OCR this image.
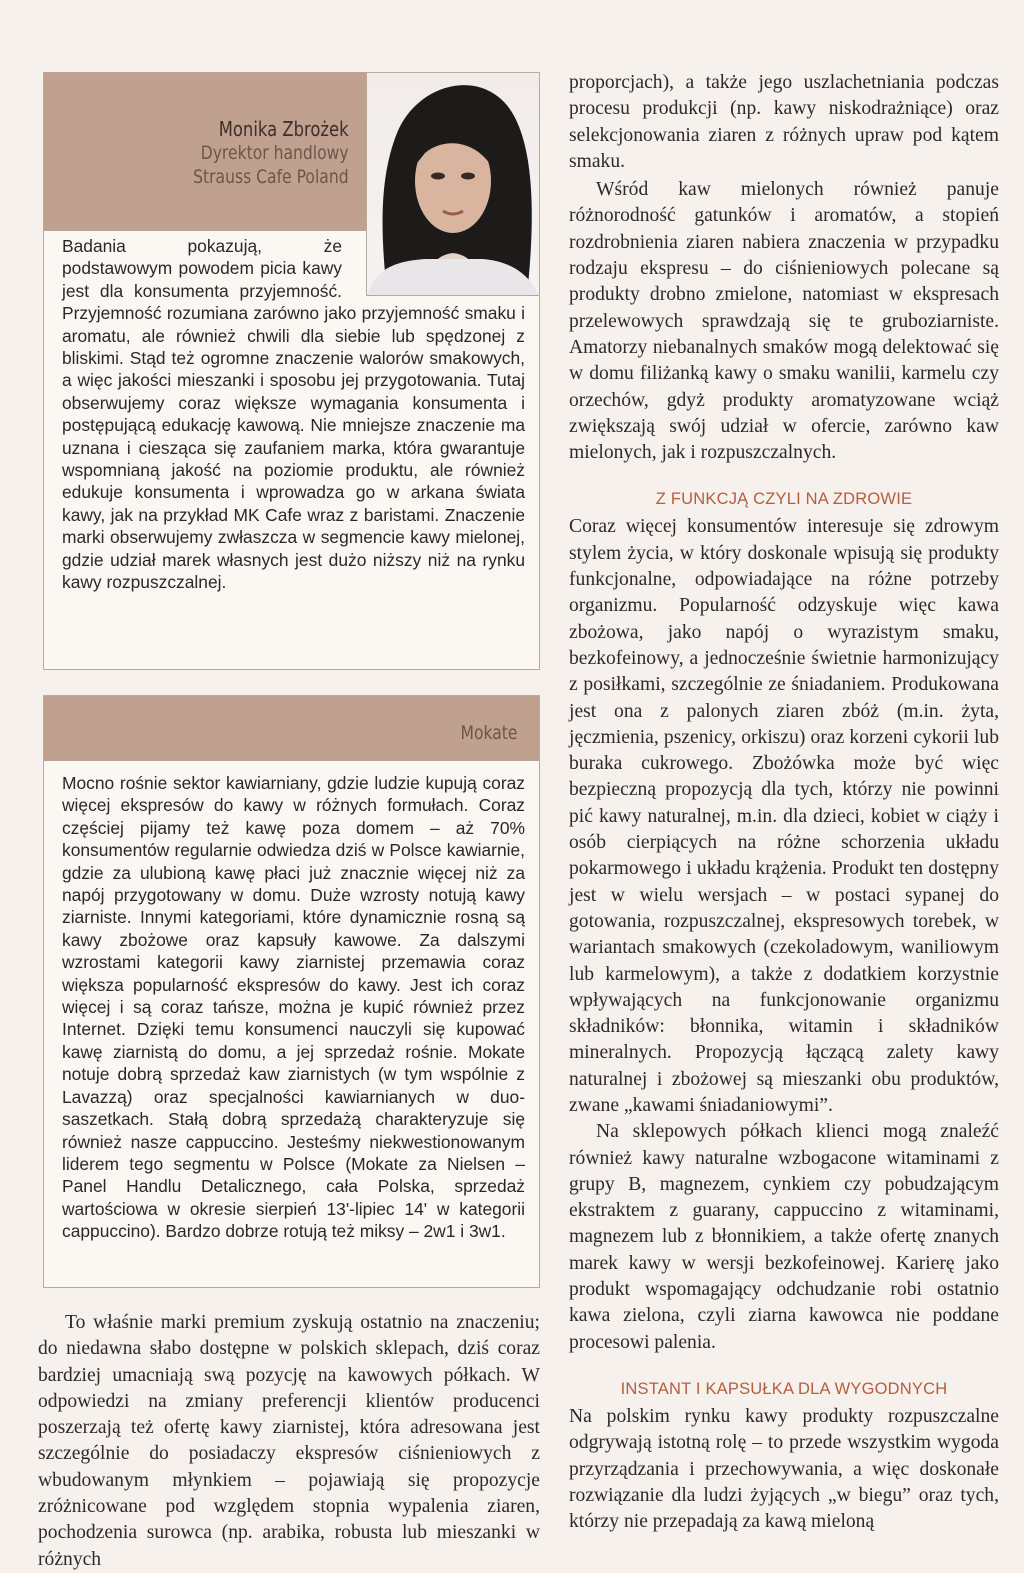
Monika Zbrożek
Dyrektor handlowy
Strauss Cafe Poland
Badania pokazują, że podstawowym powodem picia kawy jest dla konsumenta przyjemność. Przyjemność rozumiana zarówno jako przyjemność smaku i aromatu, ale również chwili dla siebie lub spędzonej z bliskimi. Stąd też ogromne znaczenie walorów smakowych, a więc jakości mieszanki i sposobu jej przygotowania. Tutaj obserwujemy coraz większe wymagania konsumenta i postępującą edukację kawową. Nie mniejsze znaczenie ma uznana i ciesząca się zaufaniem marka, która gwarantuje wspomnianą jakość na poziomie produktu, ale również edukuje konsumenta i wprowadza go w arkana świata kawy, jak na przykład MK Cafe wraz z baristami. Znaczenie marki obserwujemy zwłaszcza w segmencie kawy mielonej, gdzie udział marek własnych jest dużo niższy niż na rynku kawy rozpuszczalnej.
Mokate
Mocno rośnie sektor kawiarniany, gdzie ludzie kupują coraz więcej ekspresów do kawy w różnych formułach. Coraz częściej pijamy też kawę poza domem – aż 70% konsumentów regularnie odwiedza dziś w Polsce kawiarnie, gdzie za ulubioną kawę płaci już znacznie więcej niż za napój przygotowany w domu. Duże wzrosty notują kawy ziarniste. Innymi kategoriami, które dynamicznie rosną są kawy zbożowe oraz kapsuły kawowe. Za dalszymi wzrostami kategorii kawy ziarnistej przemawia coraz większa popularność ekspresów do kawy. Jest ich coraz więcej i są coraz tańsze, można je kupić również przez Internet. Dzięki temu konsumenci nauczyli się kupować kawę ziarnistą do domu, a jej sprzedaż rośnie. Mokate notuje dobrą sprzedaż kaw ziarnistych (w tym wspólnie z Lavazzą) oraz specjalności kawiarnianych w duo-saszetkach. Stałą dobrą sprzedażą charakteryzuje się również nasze cappuccino. Jesteśmy niekwestionowanym liderem tego segmentu w Polsce (Mokate za Nielsen – Panel Handlu Detalicznego, cała Polska, sprzedaż wartościowa w okresie sierpień 13'-lipiec 14' w kategorii cappuccino). Bardzo dobrze rotują też miksy – 2w1 i 3w1.

To właśnie marki premium zyskują ostatnio na znaczeniu; do niedawna słabo dostępne w polskich sklepach, dziś coraz bardziej umacniają swą pozycję na kawowych półkach. W odpowiedzi na zmiany preferencji klientów producenci poszerzają też ofertę kawy ziarnistej, która adresowana jest szczególnie do posiadaczy ekspresów ciśnieniowych z wbudowanym młynkiem – pojawiają się propozycje zróżnicowane pod względem stopnia wypalenia ziaren, pochodzenia surowca (np. arabika, robusta lub mieszanki w różnych

proporcjach), a także jego uszlachetniania podczas procesu produkcji (np. kawy niskodrażniące) oraz selekcjonowania ziaren z różnych upraw pod kątem smaku.

Wśród kaw mielonych również panuje różnorodność gatunków i aromatów, a stopień rozdrobnienia ziaren nabiera znaczenia w przypadku rodzaju ekspresu – do ciśnieniowych polecane są produkty drobno zmielone, natomiast w ekspresach przelewowych sprawdzają się te gruboziarniste. Amatorzy niebanalnych smaków mogą delektować się w domu filiżanką kawy o smaku wanilii, karmelu czy orzechów, gdyż produkty aromatyzowane wciąż zwiększają swój udział w ofercie, zarówno kaw mielonych, jak i rozpuszczalnych.

Z FUNKCJĄ CZYLI NA ZDROWIE

Coraz więcej konsumentów interesuje się zdrowym stylem życia, w który doskonale wpisują się produkty funkcjonalne, odpowiadające na różne potrzeby organizmu. Popularność odzyskuje więc kawa zbożowa, jako napój o wyrazistym smaku, bezkofeinowy, a jednocześnie świetnie harmonizujący z posiłkami, szczególnie ze śniadaniem. Produkowana jest ona z palonych ziaren zbóż (m.in. żyta, jęczmienia, pszenicy, orkiszu) oraz korzeni cykorii lub buraka cukrowego. Zbożówka może być więc bezpieczną propozycją dla tych, którzy nie powinni pić kawy naturalnej, m.in. dla dzieci, kobiet w ciąży i osób cierpiących na różne schorzenia układu pokarmowego i układu krążenia. Produkt ten dostępny jest w wielu wersjach – w postaci sypanej do gotowania, rozpuszczalnej, ekspresowych torebek, w wariantach smakowych (czekoladowym, waniliowym lub karmelowym), a także z dodatkiem korzystnie wpływających na funkcjonowanie organizmu składników: błonnika, witamin i składników mineralnych. Propozycją łączącą zalety kawy naturalnej i zbożowej są mieszanki obu produktów, zwane „kawami śniadaniowymi”.

Na sklepowych półkach klienci mogą znaleźć również kawy naturalne wzbogacone witaminami z grupy B, magnezem, cynkiem czy pobudzającym ekstraktem z guarany, cappuccino z witaminami, magnezem lub z błonnikiem, a także ofertę znanych marek kawy w wersji bezkofeinowej. Karierę jako produkt wspomagający odchudzanie robi ostatnio kawa zielona, czyli ziarna kawowca nie poddane procesowi palenia.

INSTANT I KAPSUŁKA DLA WYGODNYCH

Na polskim rynku kawy produkty rozpuszczalne odgrywają istotną rolę – to przede wszystkim wygoda przyrządzania i przechowywania, a więc doskonałe rozwiązanie dla ludzi żyjących „w biegu” oraz tych, którzy nie przepadają za kawą mieloną
